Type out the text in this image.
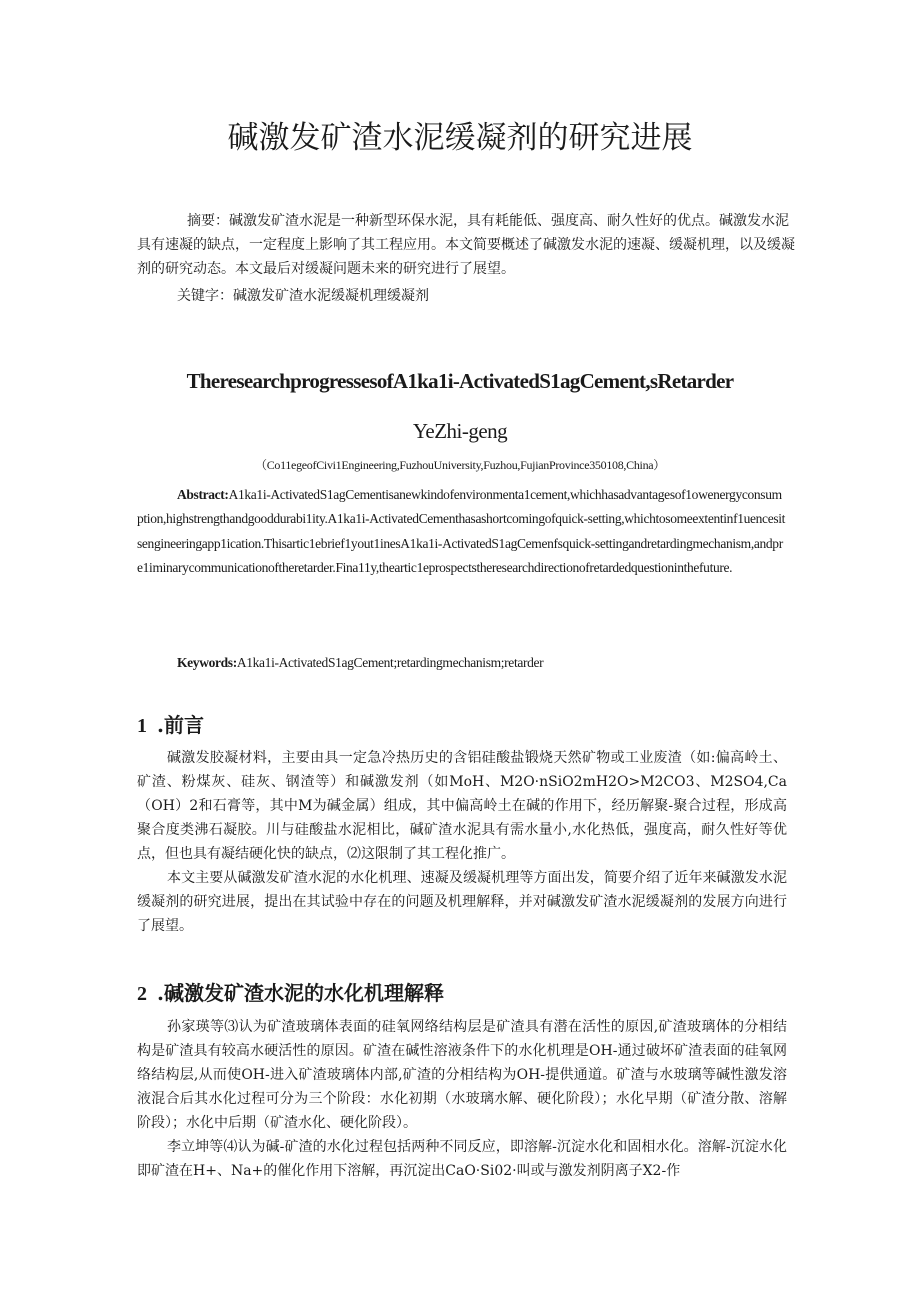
碱激发矿渣水泥缓凝剂的研究进展

摘要：碱激发矿渣水泥是一种新型环保水泥，具有耗能低、强度高、耐久性好的优点。碱激发水泥具有速凝的缺点，一定程度上影响了其工程应用。本文简要概述了碱激发水泥的速凝、缓凝机理，以及缓凝剂的研究动态。本文最后对缓凝问题未来的研究进行了展望。

关键字：碱激发矿渣水泥缓凝机理缓凝剂

TheresearchprogressesofA1ka1i-ActivatedS1agCement,sRetarder
YeZhi-geng
（Co11egeofCivi1Engineering,FuzhouUniversity,Fuzhou,FujianProvince350108,China）

Abstract:A1ka1i-ActivatedS1agCementisanewkindofenvironmenta1cement,whichhasadvantagesof1owenergyconsumption,highstrengthandgooddurabi1ity.A1ka1i-ActivatedCementhasashortcomingofquick-setting,whichtosomeextentinf1uencesitsengineeringapp1ication.Thisartic1ebrief1yout1inesA1ka1i-ActivatedS1agCemenfsquick-settingandretardingmechanism,andpre1iminarycommunicationoftheretarder.Fina11y,theartic1eprospectstheresearchdirectionofretardedquestioninthefuture.

Keywords:A1ka1i-ActivatedS1agCement;retardingmechanism;retarder

1 .前言

碱激发胶凝材料，主要由具一定急冷热历史的含铝硅酸盐锻烧天然矿物或工业废渣（如:偏高岭土、矿渣、粉煤灰、硅灰、钢渣等）和碱激发剂（如MoH、M2O·nSiO2mH2O>M2CO3、M2SO4,Ca（OH）2和石膏等，其中M为碱金属）组成，其中偏高岭土在碱的作用下，经历解聚-聚合过程，形成高聚合度类沸石凝胶。川与硅酸盐水泥相比，碱矿渣水泥具有需水量小,水化热低，强度高，耐久性好等优点，但也具有凝结硬化快的缺点，⑵这限制了其工程化推广。

本文主要从碱激发矿渣水泥的水化机理、速凝及缓凝机理等方面出发，简要介绍了近年来碱激发水泥缓凝剂的研究进展，提出在其试验中存在的问题及机理解释，并对碱激发矿渣水泥缓凝剂的发展方向进行了展望。

2 .碱激发矿渣水泥的水化机理解释

孙家瑛等⑶认为矿渣玻璃体表面的硅氧网络结构层是矿渣具有潜在活性的原因,矿渣玻璃体的分相结构是矿渣具有较高水硬活性的原因。矿渣在碱性溶液条件下的水化机理是OH-通过破坏矿渣表面的硅氧网络结构层,从而使OH-进入矿渣玻璃体内部,矿渣的分相结构为OH-提供通道。矿渣与水玻璃等碱性激发溶液混合后其水化过程可分为三个阶段：水化初期（水玻璃水解、硬化阶段）；水化早期（矿渣分散、溶解阶段）；水化中后期（矿渣水化、硬化阶段）。

李立坤等⑷认为碱-矿渣的水化过程包括两种不同反应，即溶解-沉淀水化和固相水化。溶解-沉淀水化即矿渣在H+、Na+的催化作用下溶解，再沉淀出CaO·Si02·叫或与激发剂阴离子X2-作
